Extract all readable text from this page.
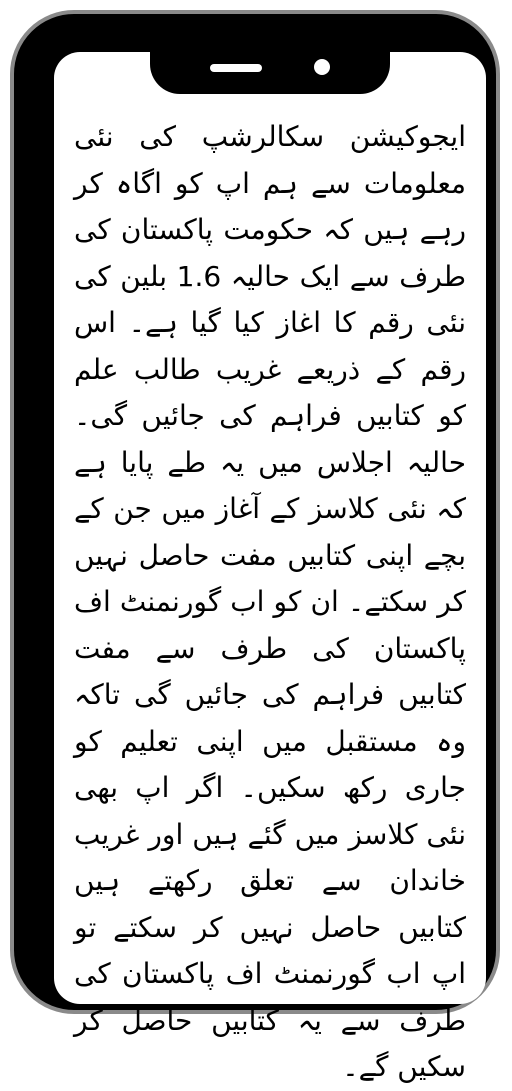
ایجوکیشن سکالرشپ کی نئی معلومات سے ہم اپ کو اگاہ کر رہے ہیں کہ حکومت پاکستان کی طرف سے ایک حالیہ 1.6 بلین کی نئی رقم کا اغاز کیا گیا ہے۔ اس رقم کے ذریعے غریب طالب علم کو کتابیں فراہم کی جائیں گی۔ حالیہ اجلاس میں یہ طے پایا ہے کہ نئی کلاسز کے آغاز میں جن کے بچے اپنی کتابیں مفت حاصل نہیں کر سکتے۔ ان کو اب گورنمنٹ اف پاکستان کی طرف سے مفت کتابیں فراہم کی جائیں گی تاکہ وہ مستقبل میں اپنی تعلیم کو جاری رکھ سکیں۔ اگر اپ بھی نئی کلاسز میں گئے ہیں اور غریب خاندان سے تعلق رکھتے ہیں کتابیں حاصل نہیں کر سکتے تو اپ اب گورنمنٹ اف پاکستان کی طرف سے یہ کتابیں حاصل کر سکیں گے۔
